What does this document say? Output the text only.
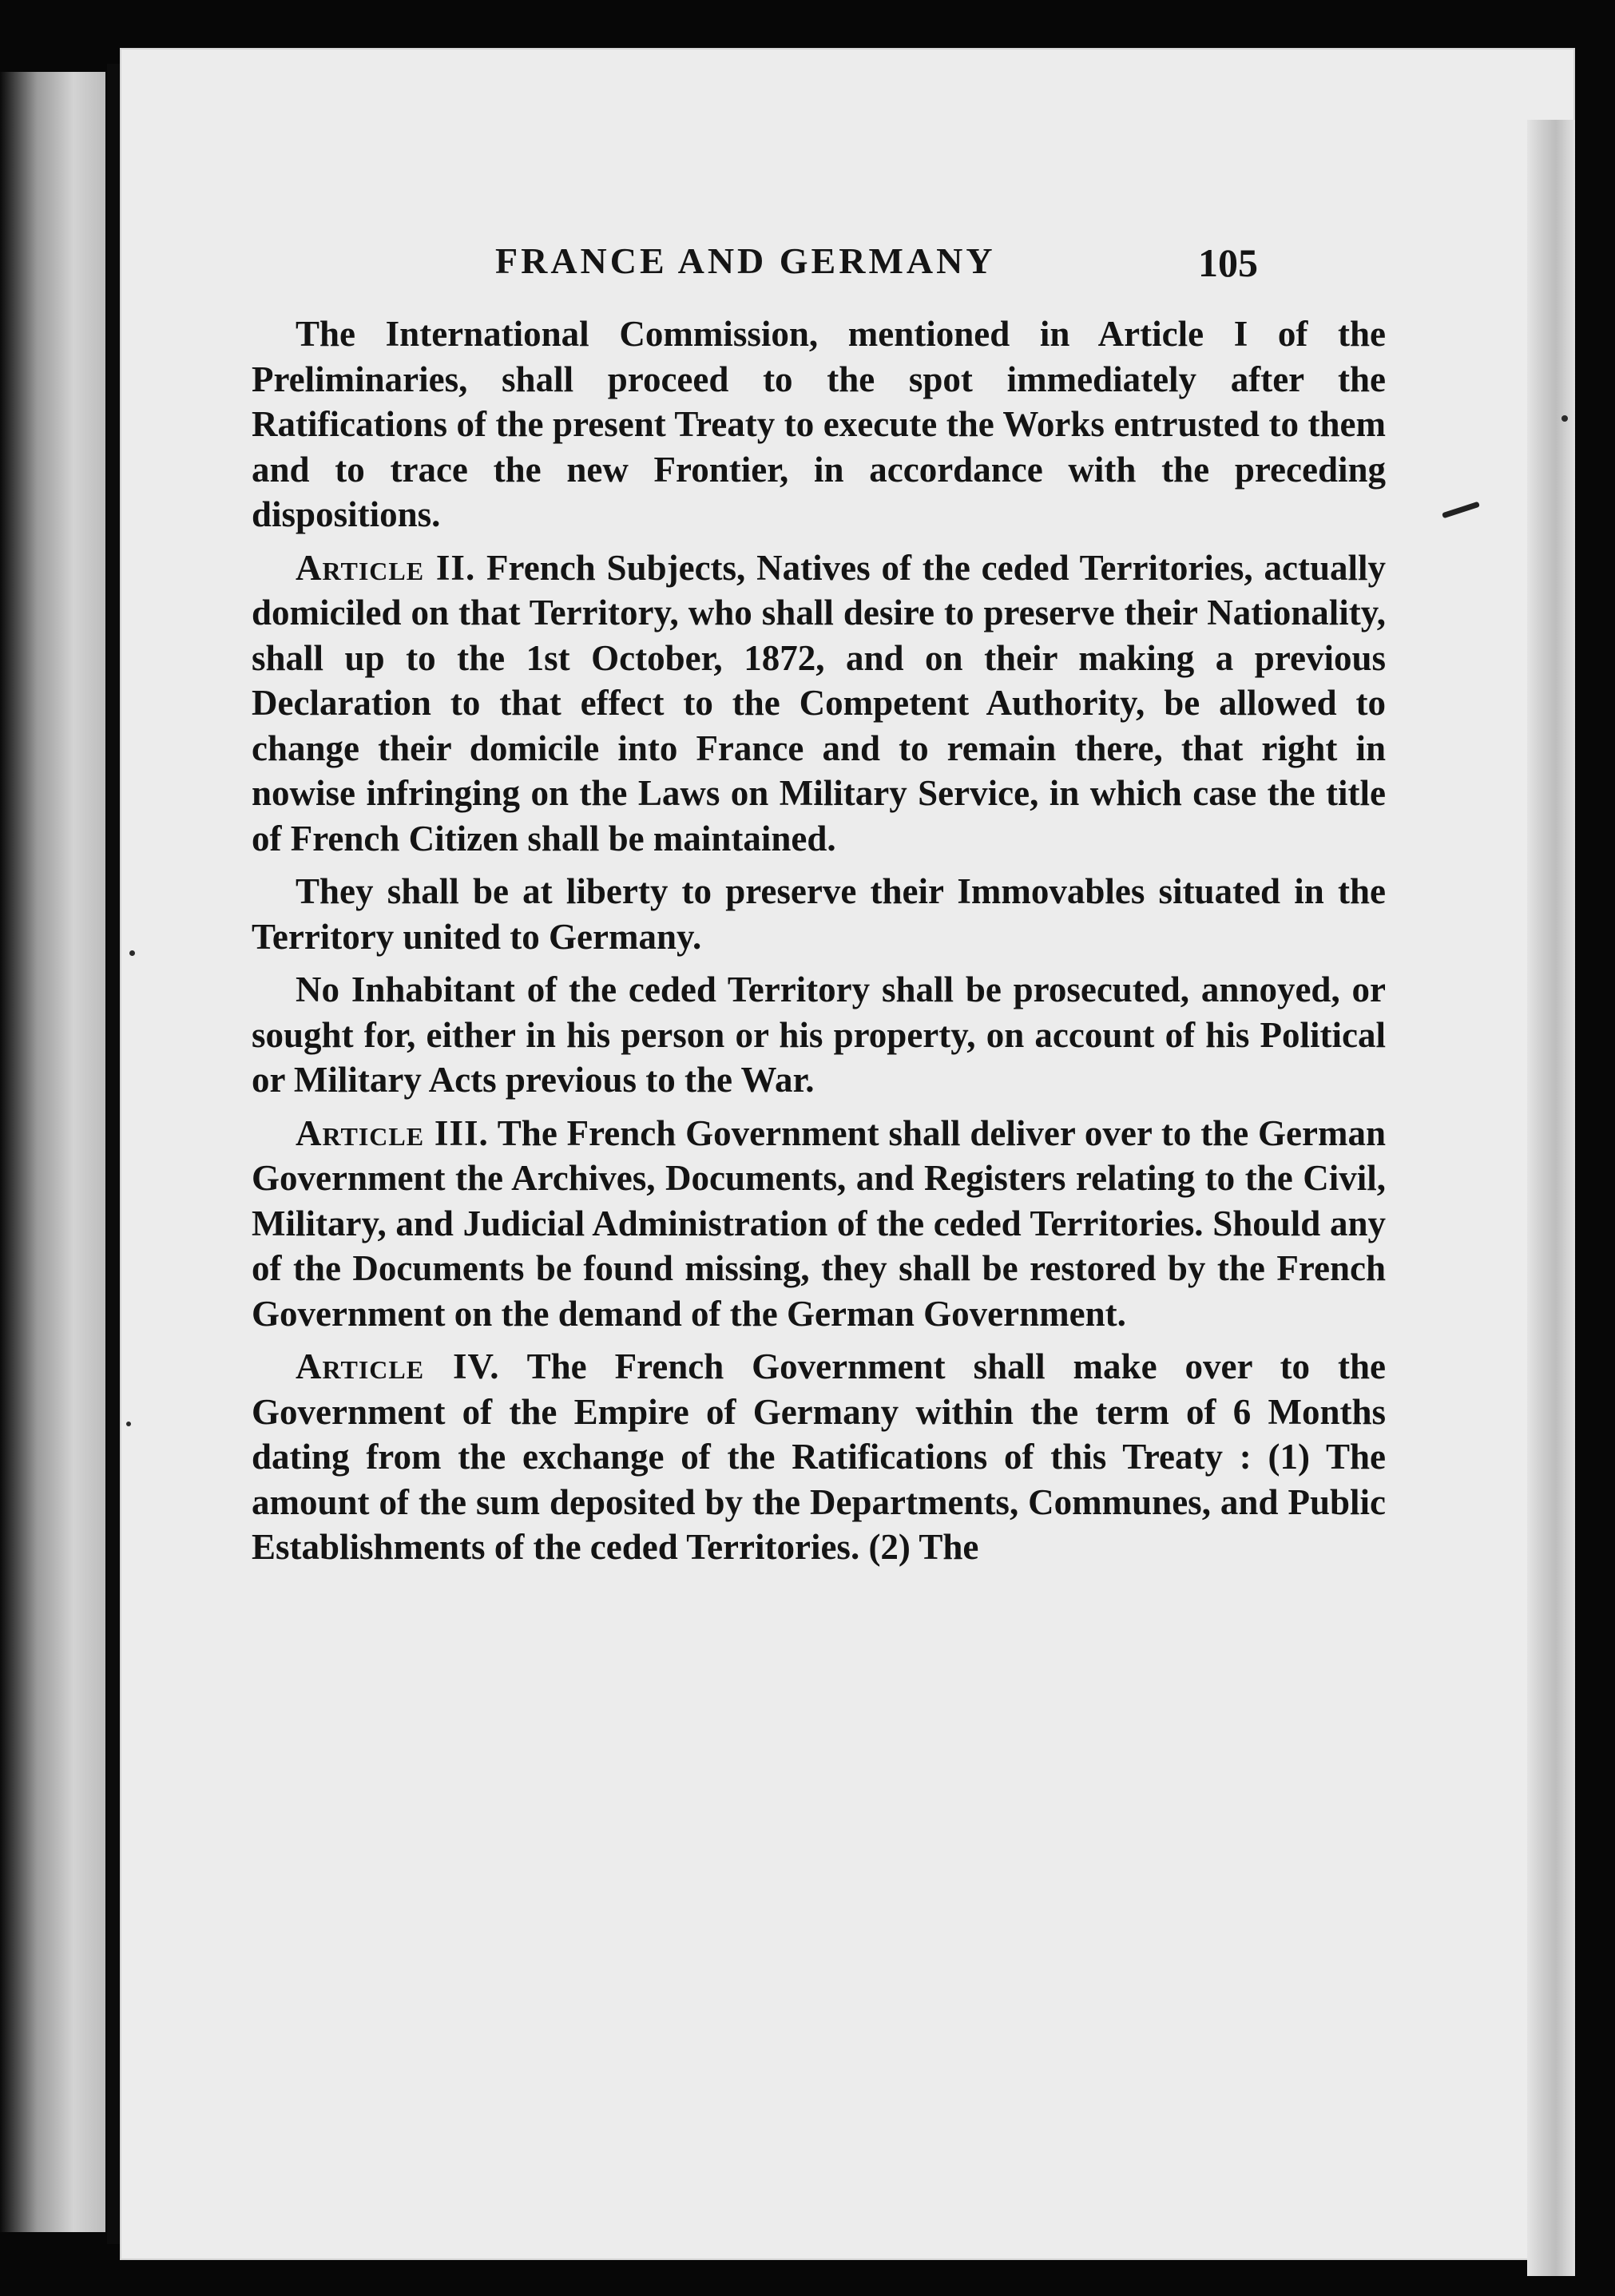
FRANCE AND GERMANY	105

The International Commission, mentioned in Article I of the Preliminaries, shall proceed to the spot immediately after the Ratifications of the present Treaty to execute the Works entrusted to them and to trace the new Frontier, in accordance with the preceding dispositions.

Article II. French Subjects, Natives of the ceded Territories, actually domiciled on that Territory, who shall desire to preserve their Nationality, shall up to the 1st October, 1872, and on their making a previous Declaration to that effect to the Competent Authority, be allowed to change their domicile into France and to remain there, that right in nowise infringing on the Laws on Military Service, in which case the title of French Citizen shall be maintained.

They shall be at liberty to preserve their Immovables situated in the Territory united to Germany.

No Inhabitant of the ceded Territory shall be prosecuted, annoyed, or sought for, either in his person or his property, on account of his Political or Military Acts previous to the War.

Article III. The French Government shall deliver over to the German Government the Archives, Documents, and Registers relating to the Civil, Military, and Judicial Administration of the ceded Territories. Should any of the Documents be found missing, they shall be restored by the French Government on the demand of the German Government.

Article IV. The French Government shall make over to the Government of the Empire of Germany within the term of 6 Months dating from the exchange of the Ratifications of this Treaty : (1) The amount of the sum deposited by the Departments, Communes, and Public Establishments of the ceded Territories. (2) The
